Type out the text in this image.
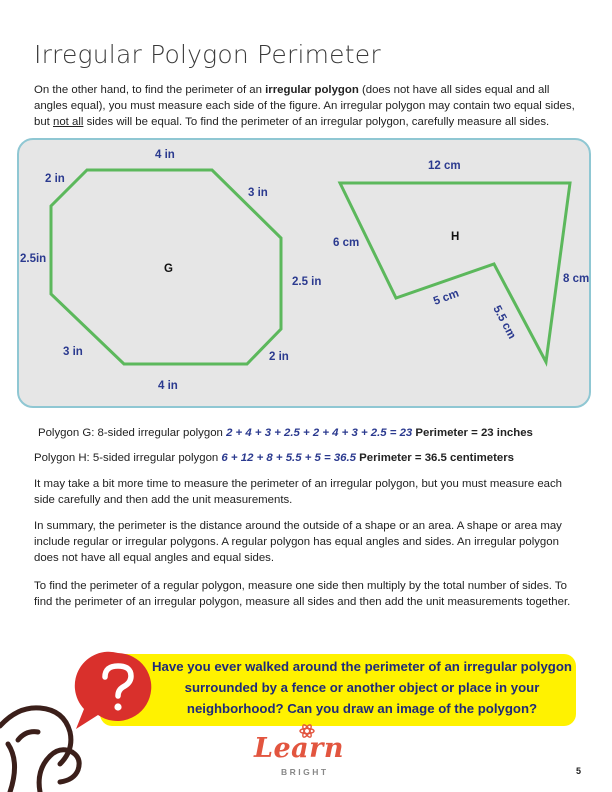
Irregular Polygon Perimeter

On the other hand, to find the perimeter of an irregular polygon (does not have all sides equal and all angles equal), you must measure each side of the figure. An irregular polygon may contain two equal sides, but not all sides will be equal. To find the perimeter of an irregular polygon, carefully measure all sides.

4 in
3 in
2.5 in
2 in
4 in
3 in
2.5in
2 in
G
12 cm
8 cm
5.5 cm
5 cm
6 cm	H

Polygon G: 8-sided irregular polygon 2 + 4 + 3 + 2.5 + 2 + 4 + 3 + 2.5 = 23 Perimeter = 23 inches

Polygon H: 5-sided irregular polygon 6 + 12 + 8 + 5.5 + 5 = 36.5 Perimeter = 36.5 centimeters

It may take a bit more time to measure the perimeter of an irregular polygon, but you must measure each side carefully and then add the unit measurements.

In summary, the perimeter is the distance around the outside of a shape or an area. A shape or area may include regular or irregular polygons. A regular polygon has equal angles and sides. An irregular polygon does not have all equal angles and equal sides.

To find the perimeter of a regular polygon, measure one side then multiply by the total number of sides. To find the perimeter of an irregular polygon, measure all sides and then add the unit measurements together.

Have you ever walked around the perimeter of an irregular polygon surrounded by a fence or another object or place in your neighborhood? Can you draw an image of the polygon?
Learn
BRIGHT	5
